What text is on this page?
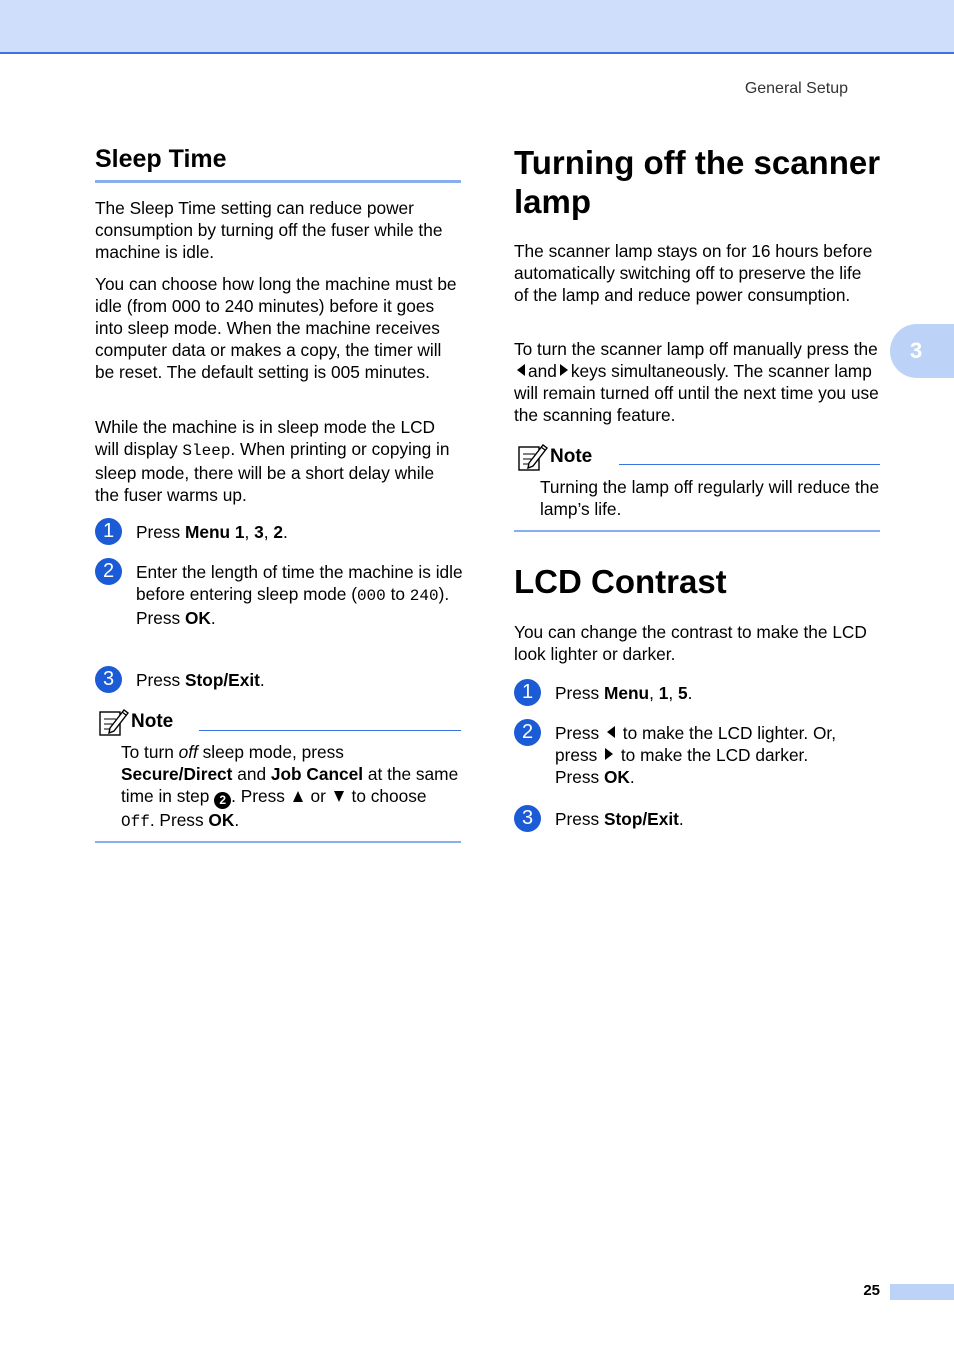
General Setup
3
Sleep Time

The Sleep Time setting can reduce power consumption by turning off the fuser while the machine is idle.

You can choose how long the machine must be idle (from 000 to 240 minutes) before it goes into sleep mode. When the machine receives computer data or makes a copy, the timer will be reset. The default setting is 005 minutes.

While the machine is in sleep mode the LCD will display Sleep. When printing or copying in sleep mode, there will be a short delay while the fuser warms up.

1	Press Menu 1, 3, 2.
2	Enter the length of time the machine is idle before entering sleep mode (000 to 240).
Press OK.
3	Press Stop/Exit.
Note
To turn off sleep mode, press
Secure/Direct and Job Cancel at the same time in step 2 . Press  or  to choose Off. Press OK.
Turning off the scanner
lamp

The scanner lamp stays on for 16 hours before automatically switching off to preserve the life of the lamp and reduce power consumption.

To turn the scanner lamp off manually press theand keys simultaneously. The scanner lamp will remain turned off until the next time you use the scanning feature.

Note
Turning the lamp off regularly will reduce the lamp’s life.
LCD Contrast

You can change the contrast to make the LCD look lighter or darker.

1	Press Menu, 1, 5.
2	Press  to make the LCD lighter. Or,
press  to make the LCD darker.
Press OK.
3	Press Stop/Exit.
25
